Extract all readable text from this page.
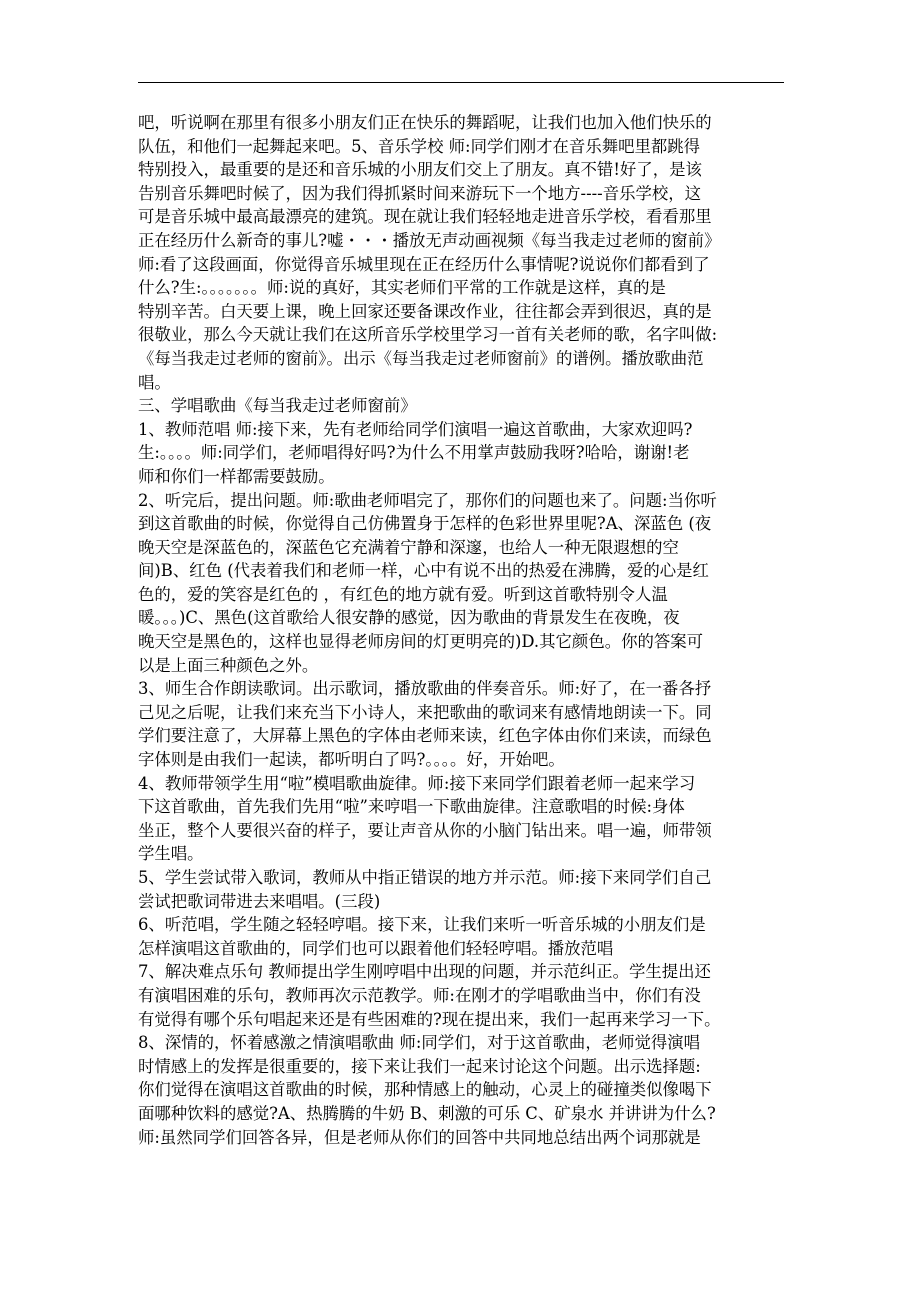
吧，听说啊在那里有很多小朋友们正在快乐的舞蹈呢，让我们也加入他们快乐的

队伍，和他们一起舞起来吧。5、音乐学校 师:同学们刚才在音乐舞吧里都跳得

特别投入，最重要的是还和音乐城的小朋友们交上了朋友。真不错!好了，是该

告别音乐舞吧时候了，因为我们得抓紧时间来游玩下一个地方----音乐学校，这

可是音乐城中最高最漂亮的建筑。现在就让我们轻轻地走进音乐学校，看看那里

正在经历什么新奇的事儿?嘘・・・播放无声动画视频《每当我走过老师的窗前》

师:看了这段画面，你觉得音乐城里现在正在经历什么事情呢?说说你们都看到了

什么?生:。。。。。。。师:说的真好，其实老师们平常的工作就是这样，真的是

特别辛苦。白天要上课，晚上回家还要备课改作业，往往都会弄到很迟，真的是

很敬业，那么今天就让我们在这所音乐学校里学习一首有关老师的歌，名字叫做:

《每当我走过老师的窗前》。出示《每当我走过老师窗前》的谱例。播放歌曲范

唱。

三、学唱歌曲《每当我走过老师窗前》

1、教师范唱 师:接下来，先有老师给同学们演唱一遍这首歌曲，大家欢迎吗?

生:。。。。师:同学们，老师唱得好吗?为什么不用掌声鼓励我呀?哈哈，谢谢!老

师和你们一样都需要鼓励。

2、听完后，提出问题。师:歌曲老师唱完了，那你们的问题也来了。问题:当你听

到这首歌曲的时候，你觉得自己仿佛置身于怎样的色彩世界里呢?A、深蓝色 (夜

晚天空是深蓝色的，深蓝色它充满着宁静和深邃，也给人一种无限遐想的空

间)B、红色 (代表着我们和老师一样，心中有说不出的热爱在沸腾，爱的心是红

色的，爱的笑容是红色的 ，有红色的地方就有爱。听到这首歌特别令人温

暖。。。)C、黑色(这首歌给人很安静的感觉，因为歌曲的背景发生在夜晚，夜

晚天空是黑色的，这样也显得老师房间的灯更明亮的)D.其它颜色。你的答案可

以是上面三种颜色之外。

3、师生合作朗读歌词。出示歌词，播放歌曲的伴奏音乐。师:好了，在一番各抒

己见之后呢，让我们来充当下小诗人，来把歌曲的歌词来有感情地朗读一下。同

学们要注意了，大屏幕上黑色的字体由老师来读，红色字体由你们来读，而绿色

字体则是由我们一起读，都听明白了吗?。。。。好，开始吧。

4、教师带领学生用“啦”模唱歌曲旋律。师:接下来同学们跟着老师一起来学习

下这首歌曲，首先我们先用“啦”来哼唱一下歌曲旋律。注意歌唱的时候:身体

坐正，整个人要很兴奋的样子，要让声音从你的小脑门钻出来。唱一遍，师带领

学生唱。

5、学生尝试带入歌词，教师从中指正错误的地方并示范。师:接下来同学们自己

尝试把歌词带进去来唱唱。(三段)

6、听范唱，学生随之轻轻哼唱。接下来，让我们来听一听音乐城的小朋友们是

怎样演唱这首歌曲的，同学们也可以跟着他们轻轻哼唱。播放范唱

7、解决难点乐句 教师提出学生刚哼唱中出现的问题，并示范纠正。学生提出还

有演唱困难的乐句，教师再次示范教学。师:在刚才的学唱歌曲当中，你们有没

有觉得有哪个乐句唱起来还是有些困难的?现在提出来，我们一起再来学习一下。

8、深情的，怀着感激之情演唱歌曲 师:同学们，对于这首歌曲，老师觉得演唱

时情感上的发挥是很重要的，接下来让我们一起来讨论这个问题。出示选择题:

你们觉得在演唱这首歌曲的时候，那种情感上的触动，心灵上的碰撞类似像喝下

面哪种饮料的感觉?A、热腾腾的牛奶 B、刺激的可乐 C、矿泉水 并讲讲为什么?

师:虽然同学们回答各异，但是老师从你们的回答中共同地总结出两个词那就是
